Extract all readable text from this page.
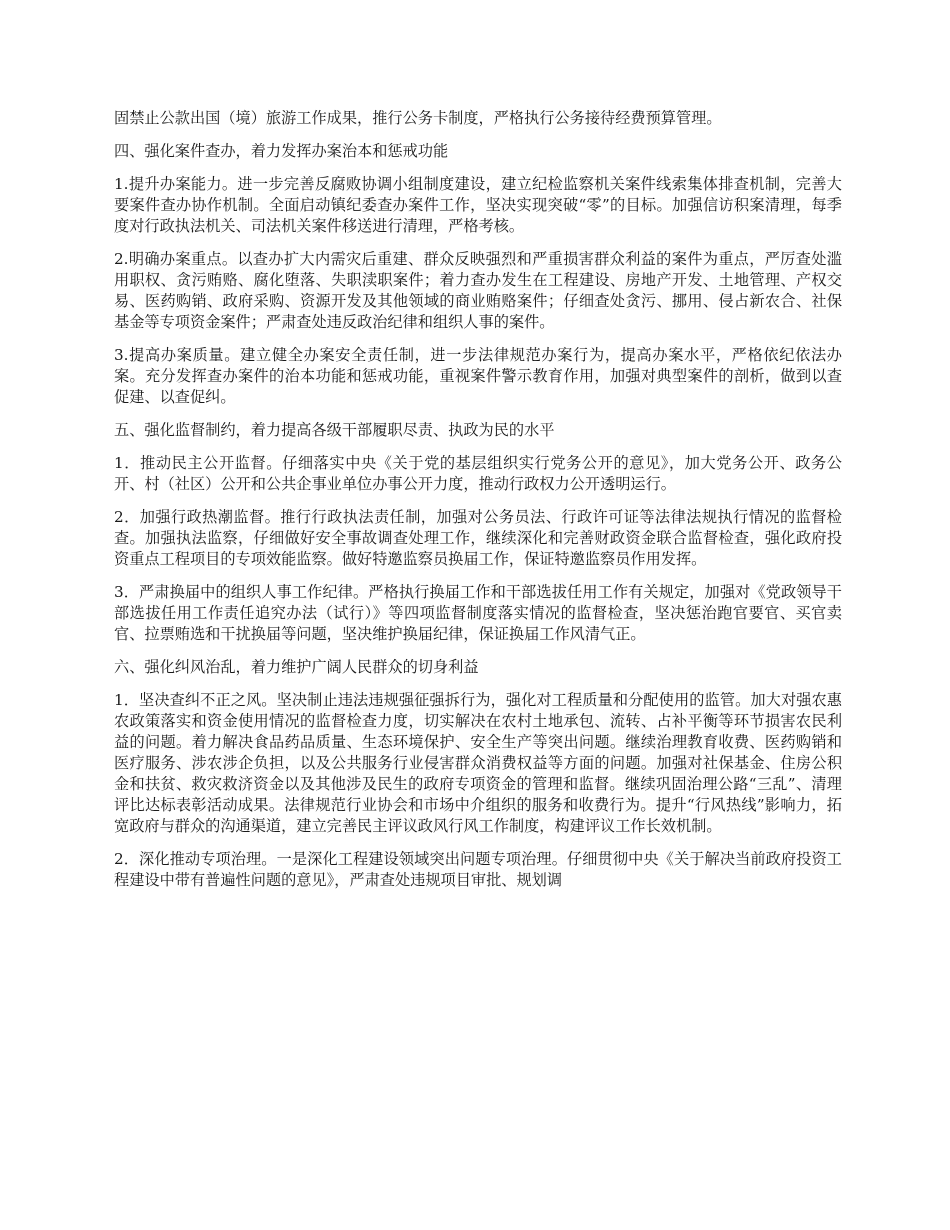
固禁止公款出国（境）旅游工作成果，推行公务卡制度，严格执行公务接待经费预算管理。

四、强化案件查办，着力发挥办案治本和惩戒功能

1.提升办案能力。进一步完善反腐败协调小组制度建设，建立纪检监察机关案件线索集体排查机制，完善大要案件查办协作机制。全面启动镇纪委查办案件工作，坚决实现突破“零”的目标。加强信访积案清理，每季度对行政执法机关、司法机关案件移送进行清理，严格考核。

2.明确办案重点。以查办扩大内需灾后重建、群众反映强烈和严重损害群众利益的案件为重点，严厉查处滥用职权、贪污贿赂、腐化堕落、失职渎职案件；着力查办发生在工程建设、房地产开发、土地管理、产权交易、医药购销、政府采购、资源开发及其他领域的商业贿赂案件；仔细查处贪污、挪用、侵占新农合、社保基金等专项资金案件；严肃查处违反政治纪律和组织人事的案件。

3.提高办案质量。建立健全办案安全责任制，进一步法律规范办案行为，提高办案水平，严格依纪依法办案。充分发挥查办案件的治本功能和惩戒功能，重视案件警示教育作用，加强对典型案件的剖析，做到以查促建、以查促纠。

五、强化监督制约，着力提高各级干部履职尽责、执政为民的水平

1．推动民主公开监督。仔细落实中央《关于党的基层组织实行党务公开的意见》，加大党务公开、政务公开、村（社区）公开和公共企事业单位办事公开力度，推动行政权力公开透明运行。

2．加强行政热潮监督。推行行政执法责任制，加强对公务员法、行政许可证等法律法规执行情况的监督检查。加强执法监察，仔细做好安全事故调查处理工作，继续深化和完善财政资金联合监督检查，强化政府投资重点工程项目的专项效能监察。做好特邀监察员换届工作，保证特邀监察员作用发挥。

3．严肃换届中的组织人事工作纪律。严格执行换届工作和干部选拔任用工作有关规定，加强对《党政领导干部选拔任用工作责任追究办法（试行）》等四项监督制度落实情况的监督检查，坚决惩治跑官要官、买官卖官、拉票贿选和干扰换届等问题，坚决维护换届纪律，保证换届工作风清气正。

六、强化纠风治乱，着力维护广阔人民群众的切身利益

1．坚决查纠不正之风。坚决制止违法违规强征强拆行为，强化对工程质量和分配使用的监管。加大对强农惠农政策落实和资金使用情况的监督检查力度，切实解决在农村土地承包、流转、占补平衡等环节损害农民利益的问题。着力解决食品药品质量、生态环境保护、安全生产等突出问题。继续治理教育收费、医药购销和医疗服务、涉农涉企负担，以及公共服务行业侵害群众消费权益等方面的问题。加强对社保基金、住房公积金和扶贫、救灾救济资金以及其他涉及民生的政府专项资金的管理和监督。继续巩固治理公路“三乱”、清理评比达标表彰活动成果。法律规范行业协会和市场中介组织的服务和收费行为。提升“行风热线”影响力，拓宽政府与群众的沟通渠道，建立完善民主评议政风行风工作制度，构建评议工作长效机制。

2．深化推动专项治理。一是深化工程建设领域突出问题专项治理。仔细贯彻中央《关于解决当前政府投资工程建设中带有普遍性问题的意见》，严肃查处违规项目审批、规划调
